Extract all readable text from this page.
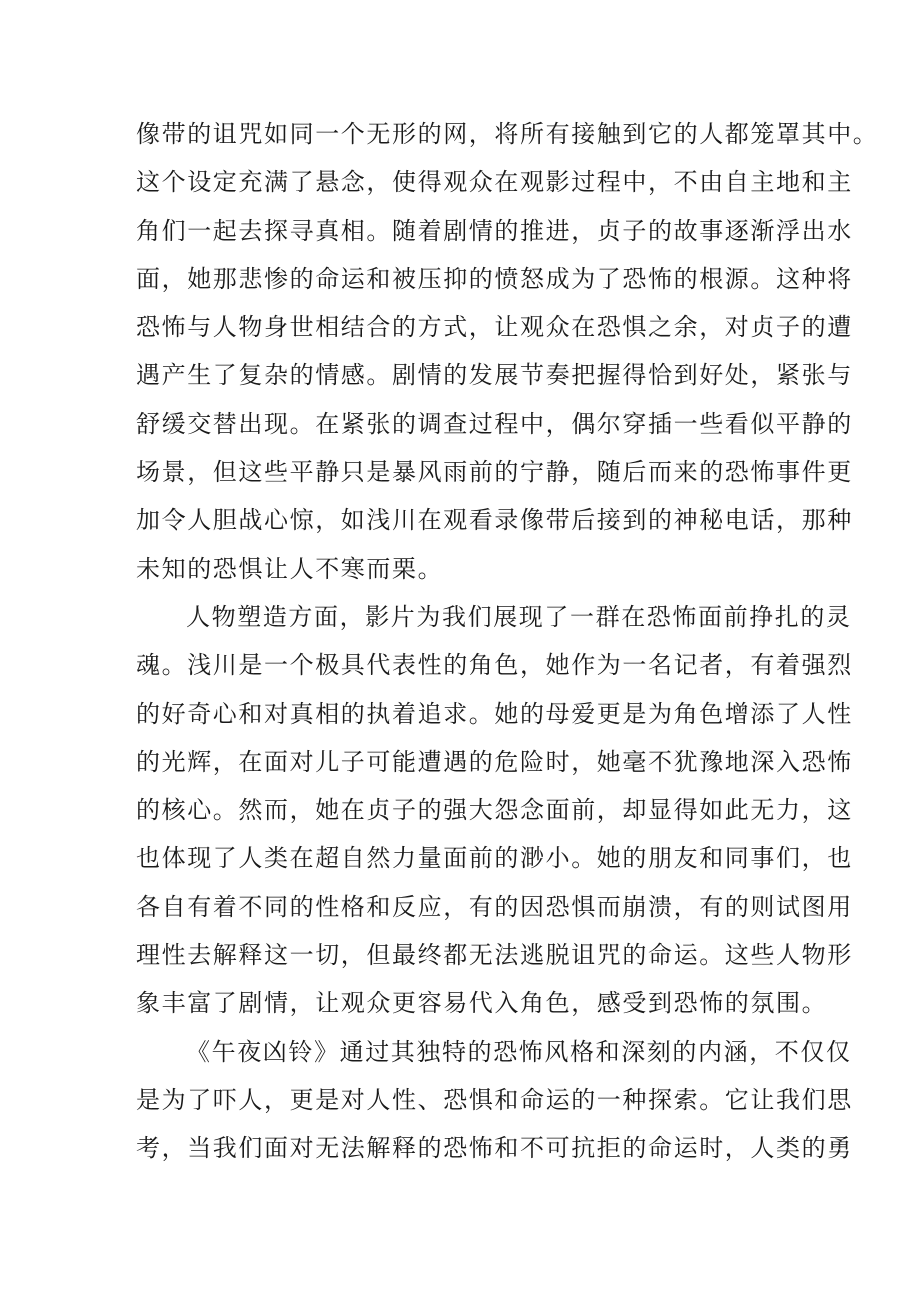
像带的诅咒如同一个无形的网，将所有接触到它的人都笼罩其中。
这个设定充满了悬念，使得观众在观影过程中，不由自主地和主
角们一起去探寻真相。随着剧情的推进，贞子的故事逐渐浮出水
面，她那悲惨的命运和被压抑的愤怒成为了恐怖的根源。这种将
恐怖与人物身世相结合的方式，让观众在恐惧之余，对贞子的遭
遇产生了复杂的情感。剧情的发展节奏把握得恰到好处，紧张与
舒缓交替出现。在紧张的调查过程中，偶尔穿插一些看似平静的
场景，但这些平静只是暴风雨前的宁静，随后而来的恐怖事件更
加令人胆战心惊，如浅川在观看录像带后接到的神秘电话，那种
未知的恐惧让人不寒而栗。
人物塑造方面，影片为我们展现了一群在恐怖面前挣扎的灵
魂。浅川是一个极具代表性的角色，她作为一名记者，有着强烈
的好奇心和对真相的执着追求。她的母爱更是为角色增添了人性
的光辉，在面对儿子可能遭遇的危险时，她毫不犹豫地深入恐怖
的核心。然而，她在贞子的强大怨念面前，却显得如此无力，这
也体现了人类在超自然力量面前的渺小。她的朋友和同事们，也
各自有着不同的性格和反应，有的因恐惧而崩溃，有的则试图用
理性去解释这一切，但最终都无法逃脱诅咒的命运。这些人物形
象丰富了剧情，让观众更容易代入角色，感受到恐怖的氛围。
《午夜凶铃》通过其独特的恐怖风格和深刻的内涵，不仅仅
是为了吓人，更是对人性、恐惧和命运的一种探索。它让我们思
考，当我们面对无法解释的恐怖和不可抗拒的命运时，人类的勇
